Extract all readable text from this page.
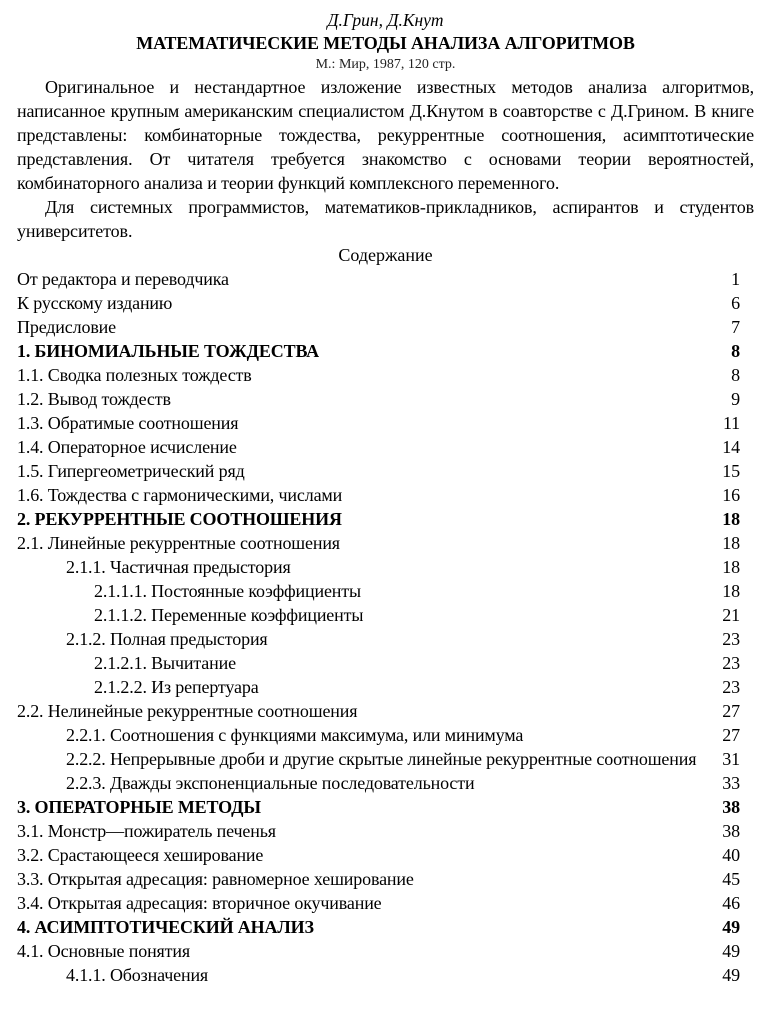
Д.Грин, Д.Кнут
МАТЕМАТИЧЕСКИЕ МЕТОДЫ АНАЛИЗА АЛГОРИТМОВ
М.: Мир, 1987, 120 стр.

Оригинальное и нестандартное изложение известных методов анализа алгоритмов, написанное крупным американским специалистом Д.Кнутом в соавторстве с Д.Грином. В книге представлены: комбинаторные тождества, рекуррентные соотношения, асимптотические представления. От читателя требуется знакомство с основами теории вероятностей, комбинаторного анализа и теории функций комплексного переменного.

Для системных программистов, математиков-прикладников, аспирантов и студентов университетов.

Содержание
От редактора и переводчика	1
К русскому изданию	6
Предисловие	7
1. БИНОМИАЛЬНЫЕ ТОЖДЕСТВА	8
1.1. Сводка полезных тождеств	8
1.2. Вывод тождеств	9
1.3. Обратимые соотношения	11
1.4. Операторное исчисление	14
1.5. Гипергеометрический ряд	15
1.6. Тождества с гармоническими, числами	16
2. РЕКУРРЕНТНЫЕ СООТНОШЕНИЯ	18
2.1. Линейные рекуррентные соотношения	18
2.1.1. Частичная предыстория	18
2.1.1.1. Постоянные коэффициенты	18
2.1.1.2. Переменные коэффициенты	21
2.1.2. Полная предыстория	23
2.1.2.1. Вычитание	23
2.1.2.2. Из репертуара	23
2.2. Нелинейные рекуррентные соотношения	27
2.2.1. Соотношения с функциями максимума, или минимума	27
2.2.2. Непрерывные дроби и другие скрытые линейные рекуррентные соотношения	31
2.2.3. Дважды экспоненциальные последовательности	33
3. ОПЕРАТОРНЫЕ МЕТОДЫ	38
3.1. Монстр—пожиратель печенья	38
3.2. Срастающееся хеширование	40
3.3. Открытая адресация: равномерное хеширование	45
3.4. Открытая адресация: вторичное окучивание	46
4. АСИМПТОТИЧЕСКИЙ АНАЛИЗ	49
4.1. Основные понятия	49
4.1.1. Обозначения	49
